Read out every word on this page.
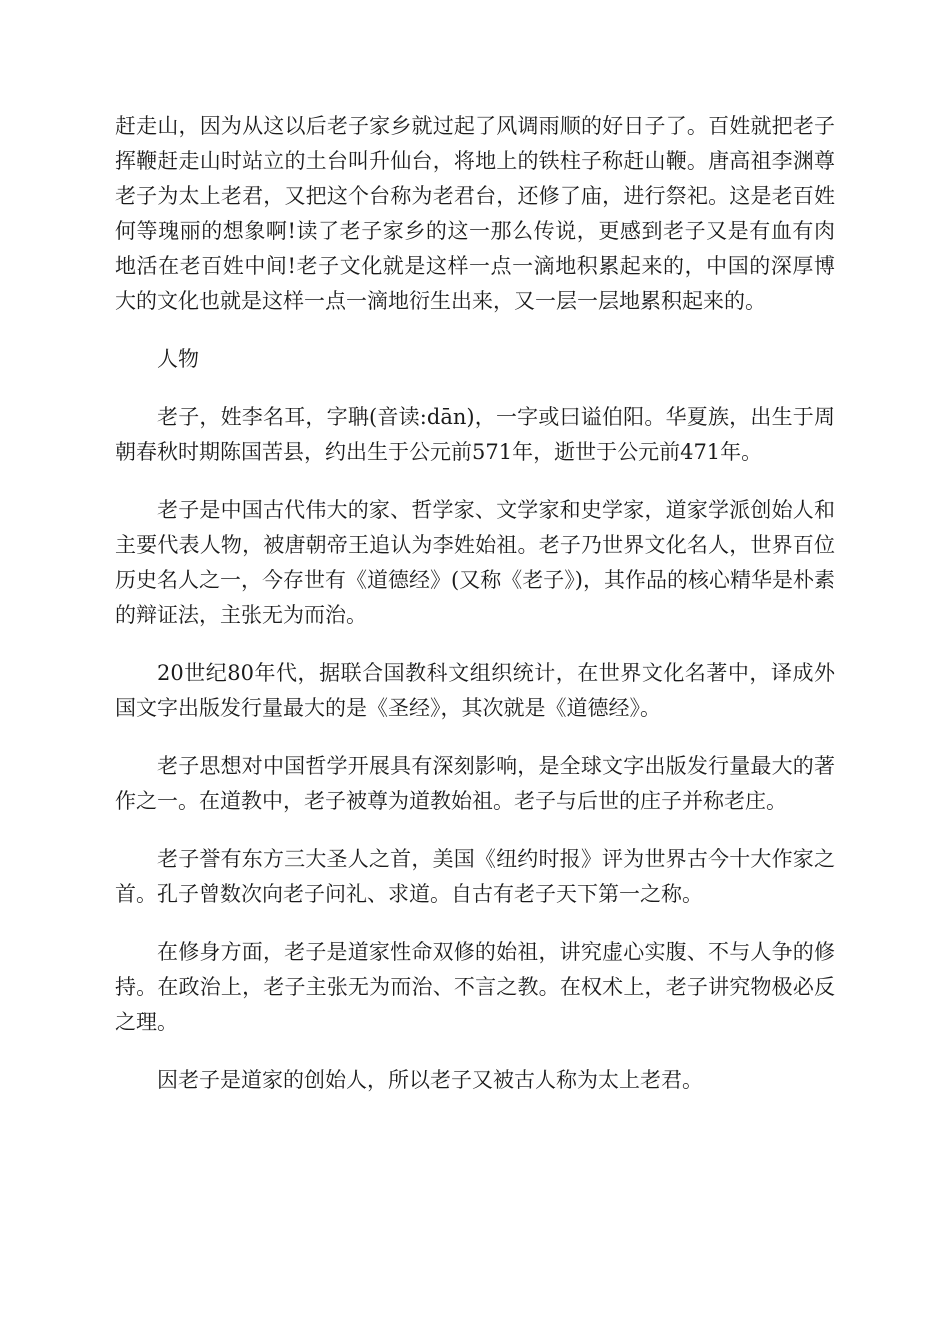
赶走山，因为从这以后老子家乡就过起了风调雨顺的好日子了。百姓就把老子挥鞭赶走山时站立的土台叫升仙台，将地上的铁柱子称赶山鞭。唐高祖李渊尊老子为太上老君，又把这个台称为老君台，还修了庙，进行祭祀。这是老百姓何等瑰丽的想象啊!读了老子家乡的这一那么传说，更感到老子又是有血有肉地活在老百姓中间!老子文化就是这样一点一滴地积累起来的，中国的深厚博大的文化也就是这样一点一滴地衍生出来，又一层一层地累积起来的。

人物

老子，姓李名耳，字聃(音读:dān)，一字或曰谥伯阳。华夏族，出生于周朝春秋时期陈国苦县，约出生于公元前571年，逝世于公元前471年。

老子是中国古代伟大的家、哲学家、文学家和史学家，道家学派创始人和主要代表人物，被唐朝帝王追认为李姓始祖。老子乃世界文化名人，世界百位历史名人之一，今存世有《道德经》(又称《老子》)，其作品的核心精华是朴素的辩证法，主张无为而治。

20世纪80年代，据联合国教科文组织统计，在世界文化名著中，译成外国文字出版发行量最大的是《圣经》，其次就是《道德经》。

老子思想对中国哲学开展具有深刻影响，是全球文字出版发行量最大的著作之一。在道教中，老子被尊为道教始祖。老子与后世的庄子并称老庄。

老子誉有东方三大圣人之首，美国《纽约时报》评为世界古今十大作家之首。孔子曾数次向老子问礼、求道。自古有老子天下第一之称。

在修身方面，老子是道家性命双修的始祖，讲究虚心实腹、不与人争的修持。在政治上，老子主张无为而治、不言之教。在权术上，老子讲究物极必反之理。

因老子是道家的创始人，所以老子又被古人称为太上老君。
